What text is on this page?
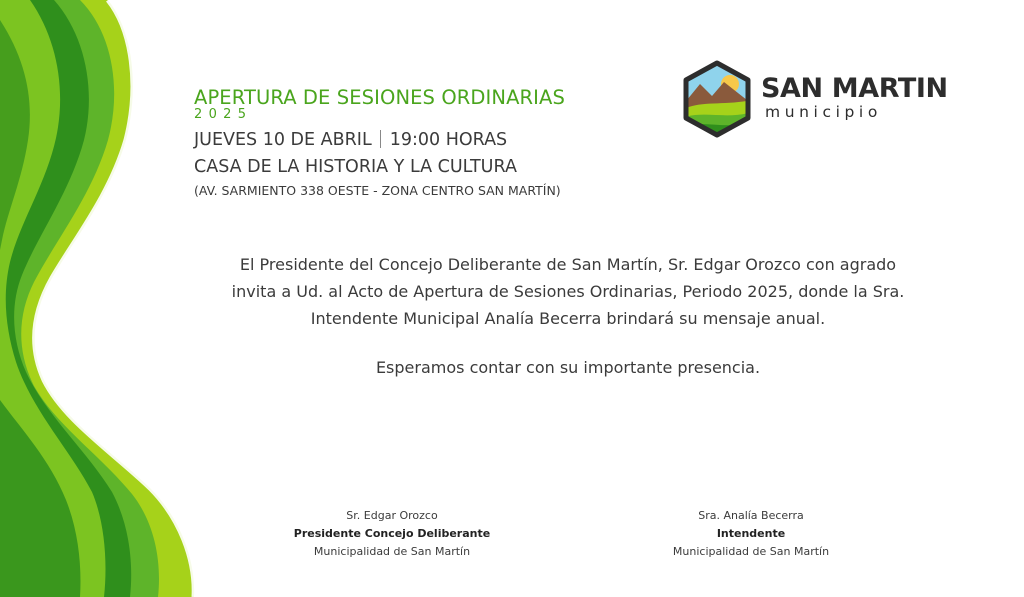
APERTURA DE SESIONES ORDINARIAS
2025
JUEVES 10 DE ABRIL 19:00 HORAS
CASA DE LA HISTORIA Y LA CULTURA
(AV. SARMIENTO 338 OESTE - ZONA CENTRO SAN MARTÍN)
SAN MARTIN
municipio

El Presidente del Concejo Deliberante de San Martín, Sr. Edgar Orozco con agrado

invita a Ud. al Acto de Apertura de Sesiones Ordinarias, Periodo 2025, donde la Sra.

Intendente Municipal Analía Becerra brindará su mensaje anual.

Esperamos contar con su importante presencia.
Sr. Edgar Orozco
Presidente Concejo Deliberante
Municipalidad de San Martín
Sra. Analía Becerra
Intendente
Municipalidad de San Martín
